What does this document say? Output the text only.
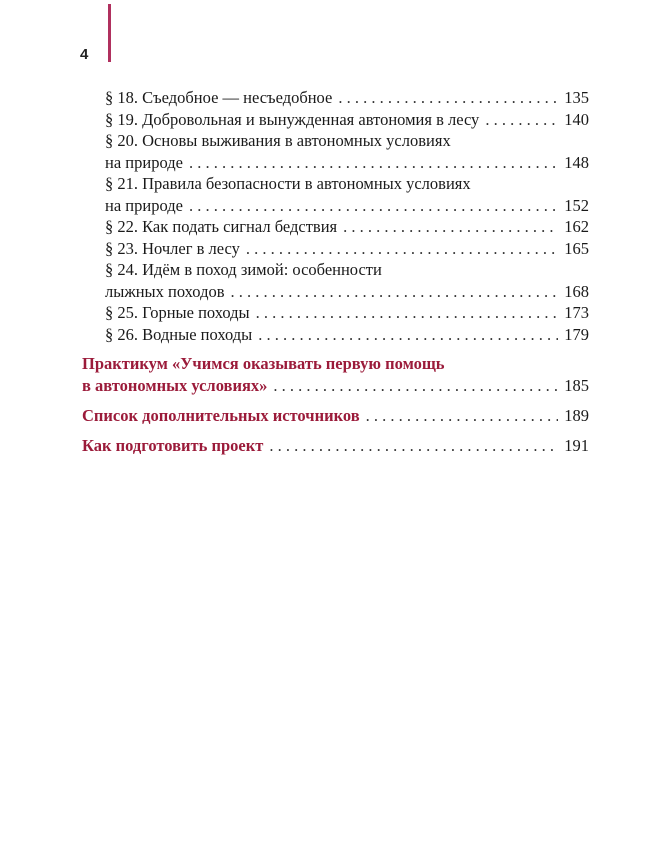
4
§ 18. Съедобное — несъедобное . . .	135
§ 19. Добровольная и вынужденная автономия в лесу . . .	140
§ 20. Основы выживания в автономных условиях
на природе . . .	148
§ 21. Правила безопасности в автономных условиях
на природе . . .	152
§ 22. Как подать сигнал бедствия . . .	162
§ 23. Ночлег в лесу . . .	165
§ 24. Идём в поход зимой: особенности
лыжных походов . . .	168
§ 25. Горные походы . . .	173
§ 26. Водные походы . . .	179
Практикум «Учимся оказывать первую помощь
в автономных условиях» . . .	185
Список дополнительных источников . . .	189
Как подготовить проект . . .	191
